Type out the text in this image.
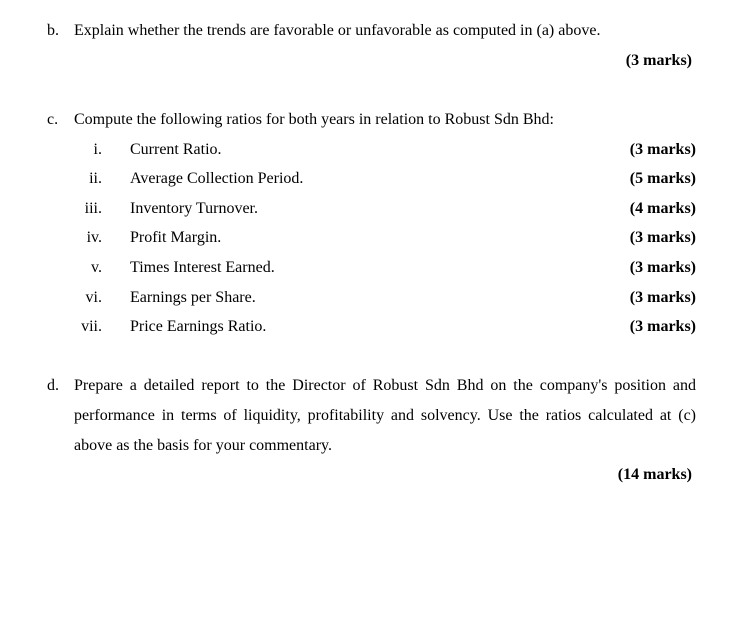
b. Explain whether the trends are favorable or unfavorable as computed in (a) above.
(3 marks)
c. Compute the following ratios for both years in relation to Robust Sdn Bhd:
i. Current Ratio.	(3 marks)
ii. Average Collection Period.	(5 marks)
iii. Inventory Turnover.	(4 marks)
iv. Profit Margin.	(3 marks)
v. Times Interest Earned.	(3 marks)
vi. Earnings per Share.	(3 marks)
vii. Price Earnings Ratio.	(3 marks)
d. Prepare a detailed report to the Director of Robust Sdn Bhd on the company's position and performance in terms of liquidity, profitability and solvency. Use the ratios calculated at (c) above as the basis for your commentary.
(14 marks)
